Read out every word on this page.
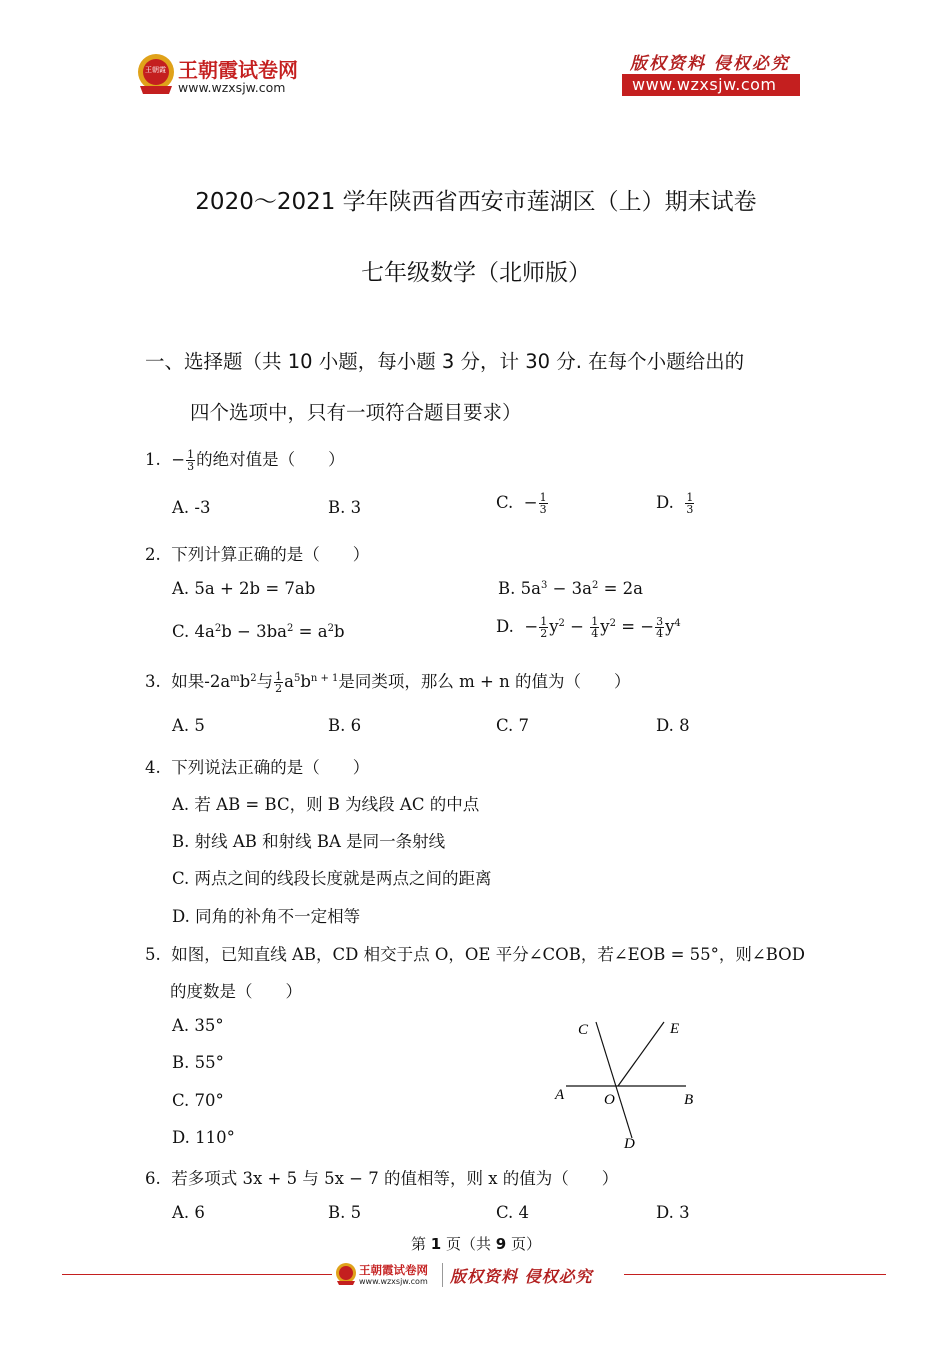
王朝霞 王朝霞试卷网
www.wzxsjw.com
版权资料 侵权必究
www.wzxsjw.com
2020～2021 学年陕西省西安市莲湖区（上）期末试卷
七年级数学（北师版）
一、选择题（共 10 小题，每小题 3 分，计 30 分. 在每个小题给出的
四个选项中，只有一项符合题目要求）
1. − $\frac{1}{3}$ 的绝对值是（　　）
A. -3	B. 3	C. − $\frac{1}{3}$	D. $\frac{1}{3}$
2. 下列计算正确的是（　　）
A. 5a + 2b = 7ab	B. $5a^3 - 3a^2 = 2a$
C. $4a^2b - 3ba^2 = a^2b$	D. − $\frac{1}{2} y^2 - \frac{1}{4} y^2$ = − $\frac{3}{4} y^4$
3. 如果$-2a^mb^2$与 $\frac{1}{2} a^5b^{n + 1}$是同类项，那么 m + n 的值为（　　）
A. 5	B. 6	C. 7	D. 8
4. 下列说法正确的是（　　）
A. 若 AB = BC，则 B 为线段 AC 的中点
B. 射线 AB 和射线 BA 是同一条射线
C. 两点之间的线段长度就是两点之间的距离
D. 同角的补角不一定相等
5. 如图，已知直线 AB，CD 相交于点 O，OE 平分∠COB，若∠EOB = 55°，则∠BOD
的度数是（　　）
A. 35°
B. 55°
C. 70°
D. 110°
C	E
A	O	B
D
6. 若多项式 3x + 5 与 5x − 7 的值相等，则 x 的值为（　　）
A. 6	B. 5	C. 4	D. 3
第 1 页（共 9 页）
王朝霞试卷网
www.wzxsjw.com 版权资料 侵权必究
